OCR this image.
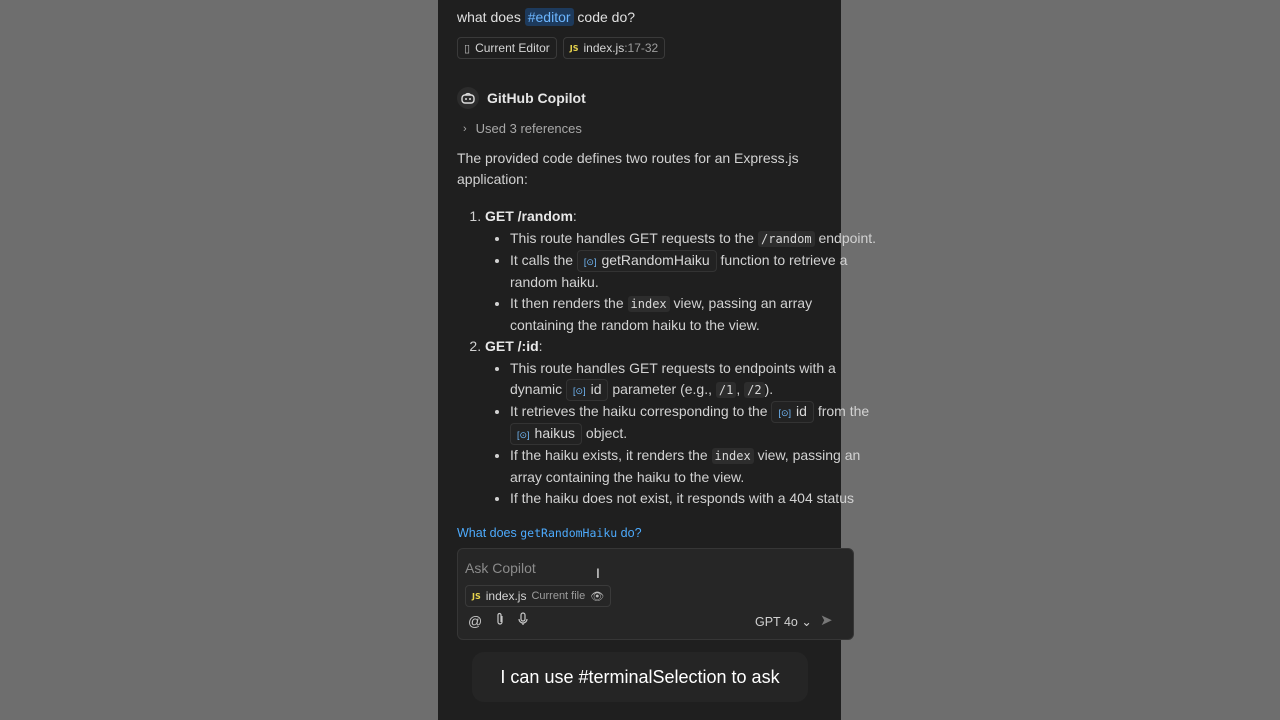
what does #editor code do?
▯ Current Editor	JS index.js:17-32
GitHub Copilot
› Used 3 references

The provided code defines two routes for an Express.js application:

1. GET /random:
• This route handles GET requests to the /random endpoint.
• It calls the [⊙] getRandomHaiku function to retrieve a random haiku.
• It then renders the index view, passing an array containing the random haiku to the view.
2. GET /:id:
• This route handles GET requests to endpoints with a dynamic [⊙] id parameter (e.g., /1 , /2 ).
• It retrieves the haiku corresponding to the [⊙] id from the [⊙] haikus object.
• If the haiku exists, it renders the index view, passing an array containing the haiku to the view.
• If the haiku does not exist, it responds with a 404 status
What does getRandomHaiku do?
Ask Copilot	I
JS index.js Current file 👁
@	GPT 4o ⌄ ➤
I can use #terminalSelection to ask
